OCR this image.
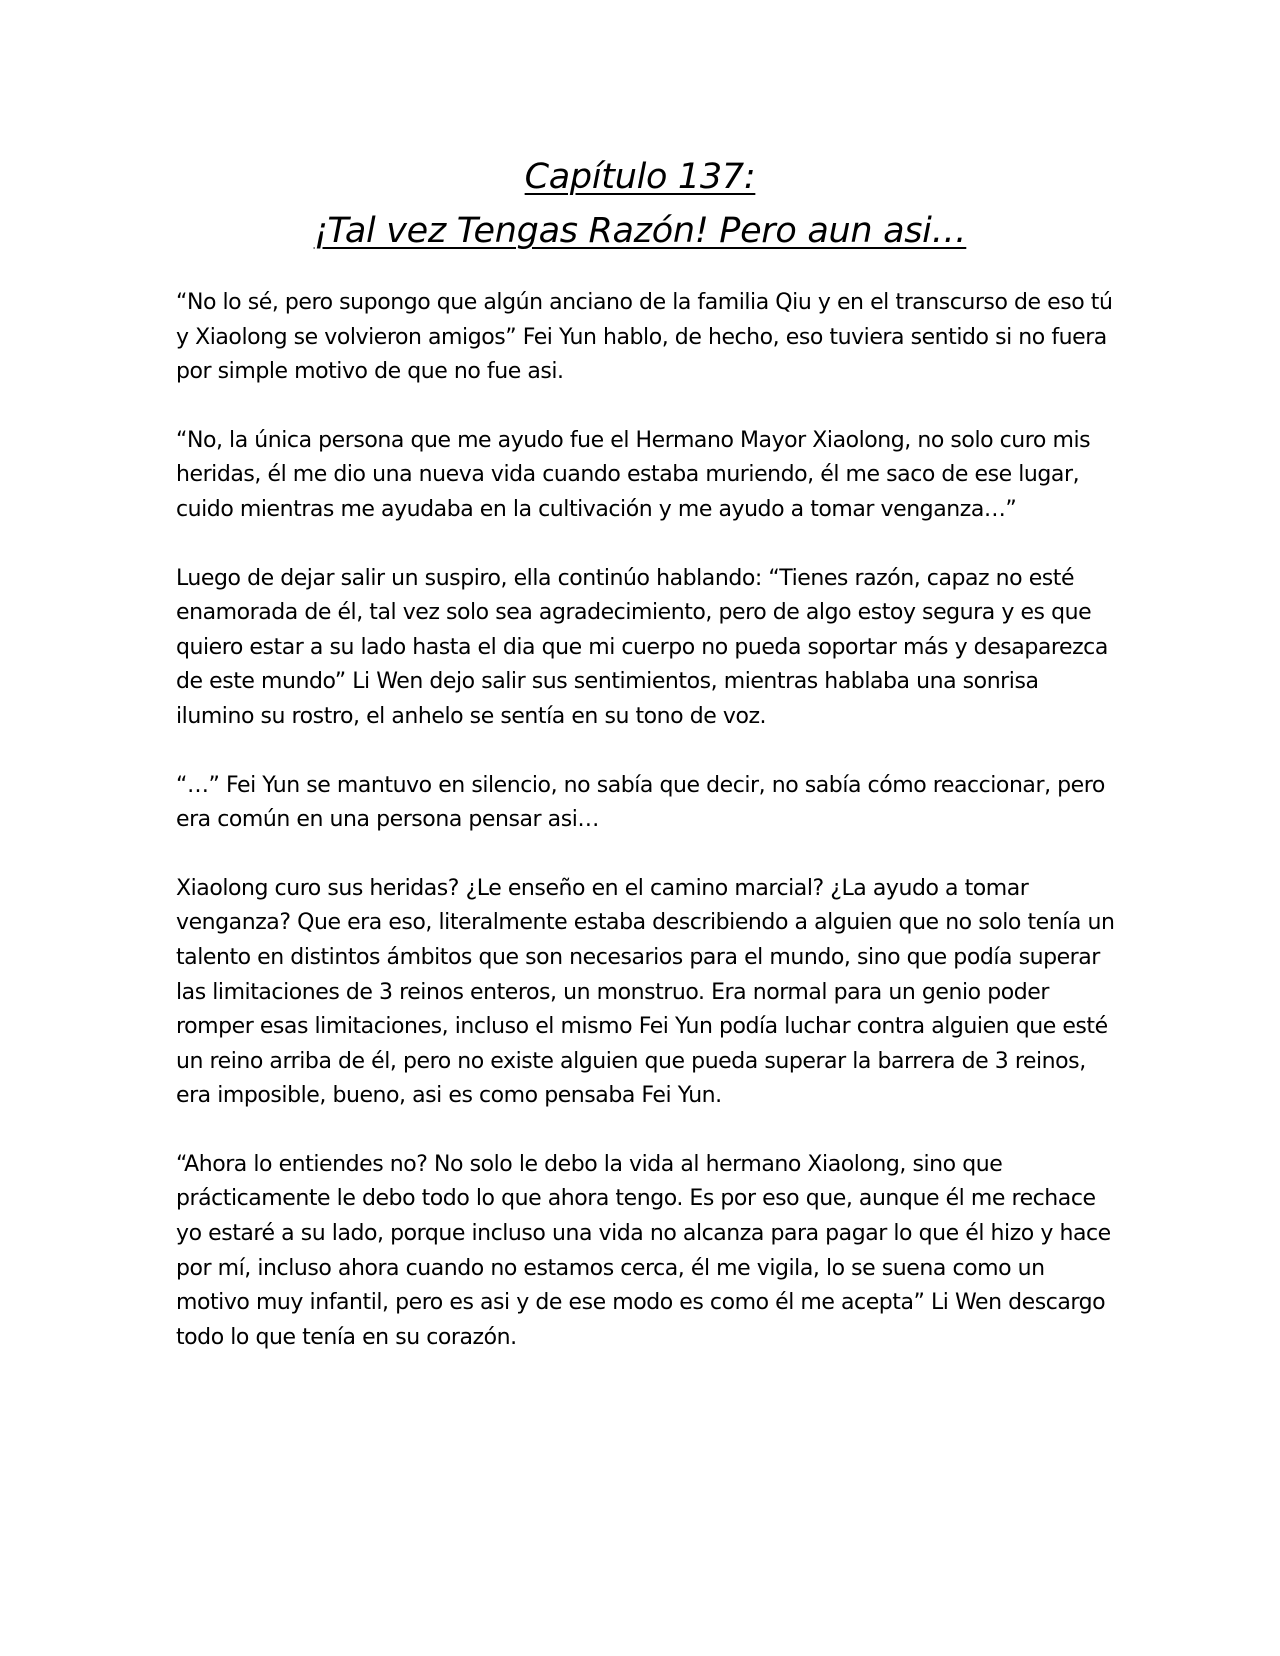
Capítulo 137:
¡Tal vez Tengas Razón! Pero aun asi…

“No lo sé, pero supongo que algún anciano de la familia Qiu y en el transcurso de eso tú y Xiaolong se volvieron amigos” Fei Yun hablo, de hecho, eso tuviera sentido si no fuera por simple motivo de que no fue asi.

“No, la única persona que me ayudo fue el Hermano Mayor Xiaolong, no solo curo mis heridas, él me dio una nueva vida cuando estaba muriendo, él me saco de ese lugar, cuido mientras me ayudaba en la cultivación y me ayudo a tomar venganza…”

Luego de dejar salir un suspiro, ella continúo hablando: “Tienes razón, capaz no esté enamorada de él, tal vez solo sea agradecimiento, pero de algo estoy segura y es que quiero estar a su lado hasta el dia que mi cuerpo no pueda soportar más y desaparezca de este mundo” Li Wen dejo salir sus sentimientos, mientras hablaba una sonrisa ilumino su rostro, el anhelo se sentía en su tono de voz.

“…” Fei Yun se mantuvo en silencio, no sabía que decir, no sabía cómo reaccionar, pero era común en una persona pensar asi…

Xiaolong curo sus heridas? ¿Le enseño en el camino marcial? ¿La ayudo a tomar venganza? Que era eso, literalmente estaba describiendo a alguien que no solo tenía un talento en distintos ámbitos que son necesarios para el mundo, sino que podía superar las limitaciones de 3 reinos enteros, un monstruo. Era normal para un genio poder romper esas limitaciones, incluso el mismo Fei Yun podía luchar contra alguien que esté un reino arriba de él, pero no existe alguien que pueda superar la barrera de 3 reinos, era imposible, bueno, asi es como pensaba Fei Yun.

“Ahora lo entiendes no? No solo le debo la vida al hermano Xiaolong, sino que prácticamente le debo todo lo que ahora tengo. Es por eso que, aunque él me rechace yo estaré a su lado, porque incluso una vida no alcanza para pagar lo que él hizo y hace por mí, incluso ahora cuando no estamos cerca, él me vigila, lo se suena como un motivo muy infantil, pero es asi y de ese modo es como él me acepta” Li Wen descargo todo lo que tenía en su corazón.
